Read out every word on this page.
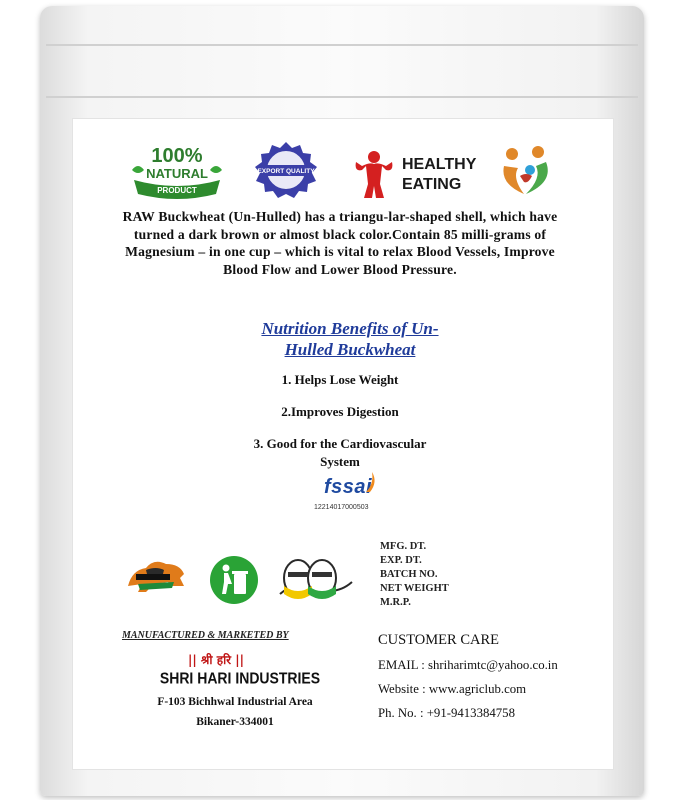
100%
NATURAL
PRODUCT
EXPORT QUALITY	HEALTHY
EATING
RAW Buckwheat (Un-Hulled) has a triangu-lar-shaped shell, which have turned a dark brown or almost black color.Contain 85 milli-grams of Magnesium – in one cup – which is vital to relax Blood Vessels, Improve Blood Flow and Lower Blood Pressure.
Nutrition Benefits of Un-
Hulled Buckwheat
1. Helps Lose Weight
2.Improves Digestion
3. Good for the Cardiovascular
System
fssai
12214017000503
MFG. DT.
EXP. DT.
BATCH NO.
NET WEIGHT
M.R.P.
MANUFACTURED & MARKETED BY
|| श्री हरि ||
SHRI HARI INDUSTRIES
F-103 Bichhwal Industrial Area
Bikaner-334001
CUSTOMER CARE
EMAIL : shriharimtc@yahoo.co.in
Website : www.agriclub.com
Ph. No. : +91-9413384758
